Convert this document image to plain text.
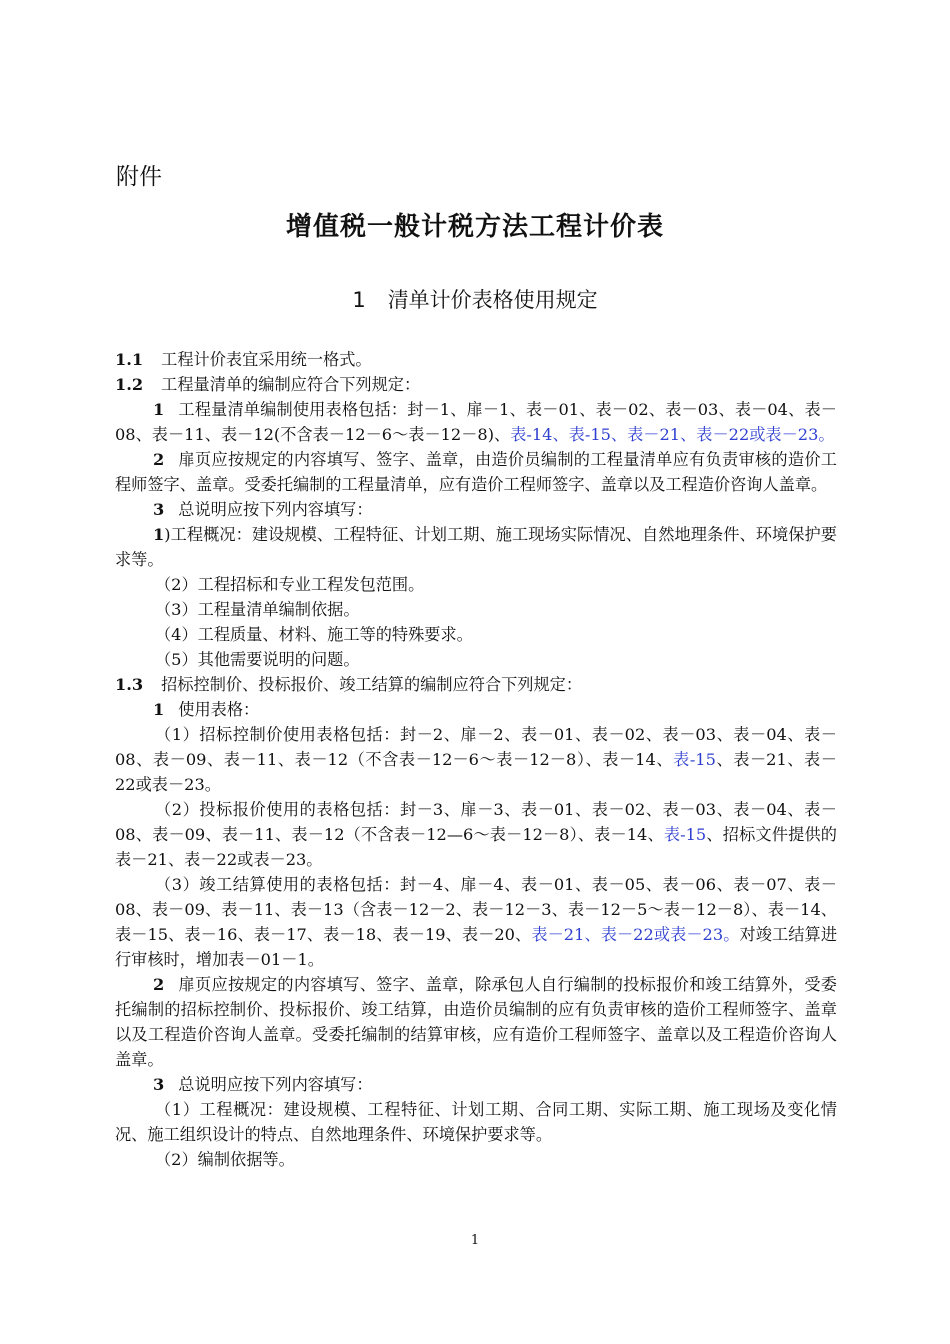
附件
增值税一般计税方法工程计价表
1 清单计价表格使用规定

1.1 工程计价表宜采用统一格式。

1.2 工程量清单的编制应符合下列规定：

1 工程量清单编制使用表格包括：封－1、扉－1、表－01、表－02、表－03、表－04、表－08、表－11、表－12(不含表－12－6～表－12－8)、表-14、表-15、表－21、表－22或表－23。

2 扉页应按规定的内容填写、签字、盖章，由造价员编制的工程量清单应有负责审核的造价工程师签字、盖章。受委托编制的工程量清单，应有造价工程师签字、盖章以及工程造价咨询人盖章。

3 总说明应按下列内容填写：

1)工程概况：建设规模、工程特征、计划工期、施工现场实际情况、自然地理条件、环境保护要求等。

（2）工程招标和专业工程发包范围。

（3）工程量清单编制依据。

（4）工程质量、材料、施工等的特殊要求。

（5）其他需要说明的问题。

1.3 招标控制价、投标报价、竣工结算的编制应符合下列规定：

1 使用表格：

（1）招标控制价使用表格包括：封－2、扉－2、表－01、表－02、表－03、表－04、表－08、表－09、表－11、表－12（不含表－12－6～表－12－8）、表－14、表-15、表－21、表－22或表－23。

（2）投标报价使用的表格包括：封－3、扉－3、表－01、表－02、表－03、表－04、表－08、表－09、表－11、表－12（不含表－12—6～表－12－8）、表－14、表-15、招标文件提供的表－21、表－22或表－23。

（3）竣工结算使用的表格包括：封－4、扉－4、表－01、表－05、表－06、表－07、表－08、表－09、表－11、表－13（含表－12－2、表－12－3、表－12－5～表－12－8）、表－14、表－15、表－16、表－17、表－18、表－19、表－20、表－21、表－22或表－23。对竣工结算进行审核时，增加表－01－1。

2 扉页应按规定的内容填写、签字、盖章，除承包人自行编制的投标报价和竣工结算外，受委托编制的招标控制价、投标报价、竣工结算，由造价员编制的应有负责审核的造价工程师签字、盖章以及工程造价咨询人盖章。受委托编制的结算审核，应有造价工程师签字、盖章以及工程造价咨询人盖章。

3 总说明应按下列内容填写：

（1）工程概况：建设规模、工程特征、计划工期、合同工期、实际工期、施工现场及变化情况、施工组织设计的特点、自然地理条件、环境保护要求等。

（2）编制依据等。

1
